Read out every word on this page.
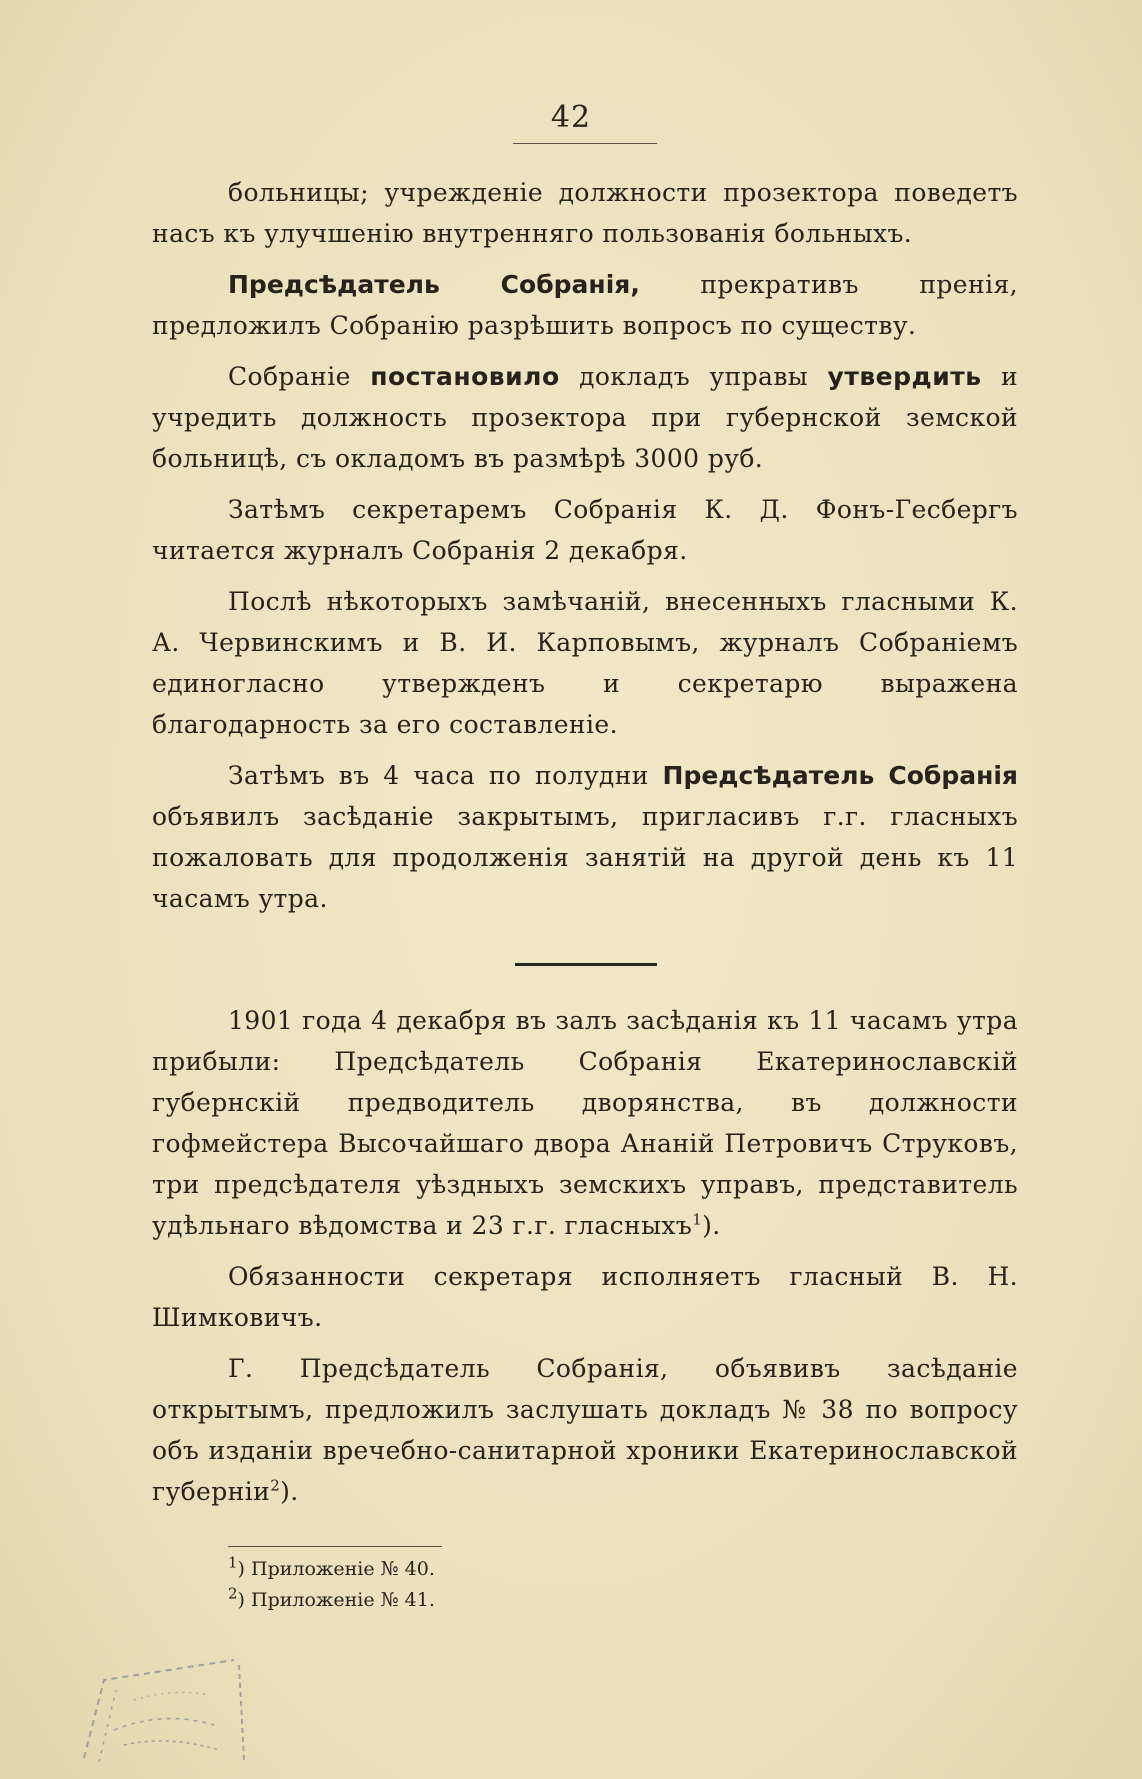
42

больницы; учрежденіе должности прозектора поведетъ насъ къ улучшенію внутренняго пользованія больныхъ.

Предсѣдатель Собранія, прекративъ пренія, предложилъ Собранію разрѣшить вопросъ по существу.

Собраніе постановило докладъ управы утвердить и учредить должность прозектора при губернской земской больницѣ, съ окладомъ въ размѣрѣ 3000 руб.

Затѣмъ секретаремъ Собранія К. Д. Фонъ-Гесбергъ читается журналъ Собранія 2 декабря.

Послѣ нѣкоторыхъ замѣчаній, внесенныхъ гласными К. А. Червинскимъ и В. И. Карповымъ, журналъ Собраніемъ единогласно утвержденъ и секретарю выражена благодарность за его составленіе.

Затѣмъ въ 4 часа по полудни Предсѣдатель Собранія объявилъ засѣданіе закрытымъ, пригласивъ г.г. гласныхъ пожаловать для продолженія занятій на другой день къ 11 часамъ утра.

1901 года 4 декабря въ залъ засѣданія къ 11 часамъ утра прибыли: Предсѣдатель Собранія Екатеринославскій губернскій предводитель дворянства, въ должности гофмейстера Высочайшаго двора Ананій Петровичъ Струковъ, три предсѣдателя уѣздныхъ земскихъ управъ, представитель удѣльнаго вѣдомства и 23 г.г. гласныхъ$^1$).

Обязанности секретаря исполняетъ гласный В. Н. Шимковичъ.

Г. Предсѣдатель Собранія, объявивъ засѣданіе открытымъ, предложилъ заслушать докладъ № 38 по вопросу объ изданіи вречебно-санитарной хроники Екатеринославской губерніи$^2$).

$^1$) Приложеніе № 40.
$^2$) Приложеніе № 41.
